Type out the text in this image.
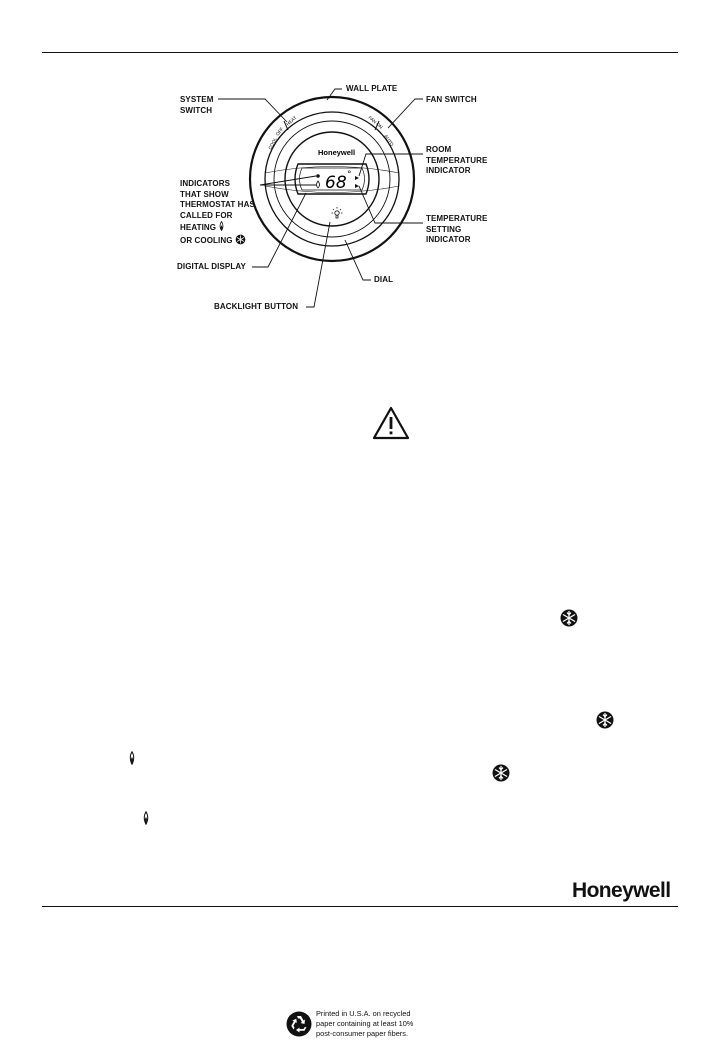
COOL
OFF
HEAT	FAN ON
AUTO
Honeywell
68 °
SYSTEM
SWITCH
WALL PLATE
FAN SWITCH
ROOM
TEMPERATURE
INDICATOR
INDICATORS
THAT SHOW
THERMOSTAT HAS
CALLED FOR
HEATING
OR COOLING
TEMPERATURE
SETTING
INDICATOR
DIGITAL DISPLAY
DIAL
BACKLIGHT BUTTON
Honeywell
Printed in U.S.A. on recycled
paper containing at least 10%
post-consumer paper fibers.
